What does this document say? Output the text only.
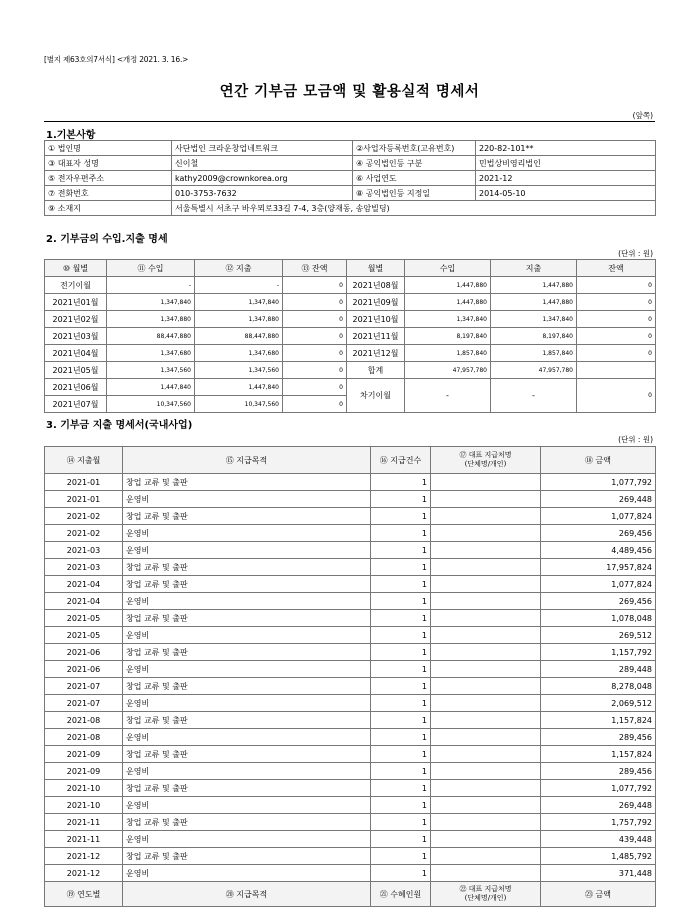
[별지 제63호의7서식] <개정 2021. 3. 16.>
연간 기부금 모금액 및 활용실적 명세서
(앞쪽)
1.기본사항
① 법인명	사단법인 크라운창업네트워크	②사업자등록번호(고유번호)	220-82-101**
③ 대표자 성명	신이철	④ 공익법인등 구분	민법상비영리법인
⑤ 전자우편주소	kathy2009@crownkorea.org	⑥ 사업연도	2021-12
⑦ 전화번호	010-3753-7632	⑧ 공익법인등 지정일	2014-05-10
⑨ 소재지	서울특별시 서초구 바우뫼로33길 7-4, 3층(양재동, 송암빌딩)		
2. 기부금의 수입.지출 명세
(단위 : 원)
⑩ 월별	⑪ 수입	⑫ 지출	⑬ 잔액	월별	수입	지출	잔액
전기이월	-	-	0	2021년08월	1,447,880	1,447,880	0
2021년01월	1,347,840	1,347,840	0	2021년09월	1,447,880	1,447,880	0
2021년02월	1,347,880	1,347,880	0	2021년10월	1,347,840	1,347,840	0
2021년03월	88,447,880	88,447,880	0	2021년11월	8,197,840	8,197,840	0
2021년04월	1,347,680	1,347,680	0	2021년12월	1,857,840	1,857,840	0
2021년05월	1,347,560	1,347,560	0	합계	47,957,780	47,957,780	
2021년06월	1,447,840	1,447,840	0	차기이월	-	-	0
2021년07월	10,347,560	10,347,560	0				
3. 기부금 지출 명세서(국내사업)
(단위 : 원)
⑭ 지출월	⑮ 지급목적	⑯ 지급건수	⑰ 대표 지급처명
(단체명/개인)	⑱ 금액
2021-01	창업 교류 및 출판	1		1,077,792
2021-01	운영비	1		269,448
2021-02	창업 교류 및 출판	1		1,077,824
2021-02	운영비	1		269,456
2021-03	운영비	1		4,489,456
2021-03	창업 교류 및 출판	1		17,957,824
2021-04	창업 교류 및 출판	1		1,077,824
2021-04	운영비	1		269,456
2021-05	창업 교류 및 출판	1		1,078,048
2021-05	운영비	1		269,512
2021-06	창업 교류 및 출판	1		1,157,792
2021-06	운영비	1		289,448
2021-07	창업 교류 및 출판	1		8,278,048
2021-07	운영비	1		2,069,512
2021-08	창업 교류 및 출판	1		1,157,824
2021-08	운영비	1		289,456
2021-09	창업 교류 및 출판	1		1,157,824
2021-09	운영비	1		289,456
2021-10	창업 교류 및 출판	1		1,077,792
2021-10	운영비	1		269,448
2021-11	창업 교류 및 출판	1		1,757,792
2021-11	운영비	1		439,448
2021-12	창업 교류 및 출판	1		1,485,792
2021-12	운영비	1		371,448
⑲ 연도별	⑳ 지급목적	㉑ 수혜인원	㉒ 대표 지급처명
(단체명/개인)	㉓ 금액
